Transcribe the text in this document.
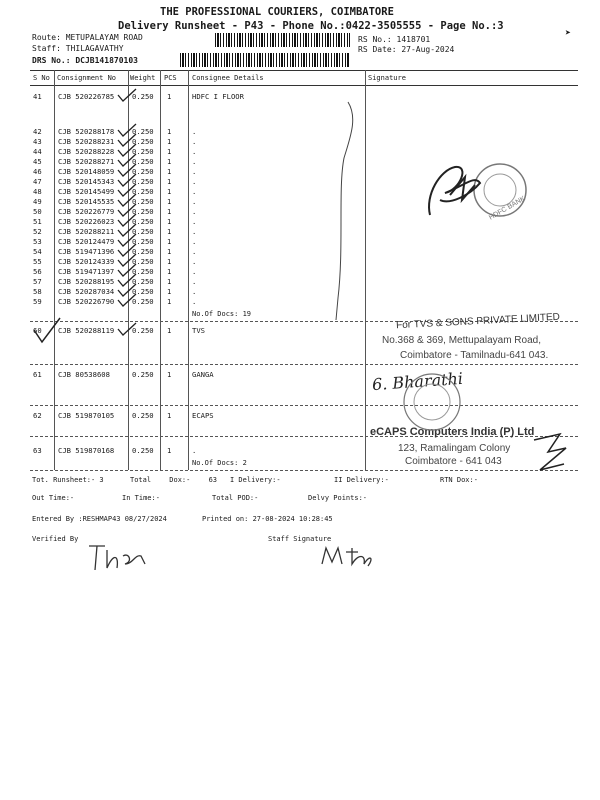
THE PROFESSIONAL COURIERS, COIMBATORE
Delivery Runsheet - P43 - Phone No.:0422-3505555 - Page No.:3
Route: METUPALAYAM ROAD
Staff: THILAGAVATHY
DRS No.: DCJB141870103
RS No.: 1418701
RS Date: 27-Aug-2024
➤
S No Consignment No Weight PCS Consignee Details	Signature
41 CJB 520226785 0.250 1	HDFC I FLOOR
42 CJB 520288178 0.250 1	.
43 CJB 520288231 0.250 1	.
44 CJB 520288228 0.250 1	.
45 CJB 520288271 0.250 1	.
46 CJB 520148059 0.250 1	.
47 CJB 520145343 0.250 1	.
48 CJB 520145499 0.250 1	.
49 CJB 520145535 0.250 1	.
50 CJB 520226779 0.250 1	.
51 CJB 520226023 0.250 1	.
52 CJB 520288211 0.250 1	.
53 CJB 520124479 0.250 1	.
54 CJB 519471396 0.250 1	.
55 CJB 520124339 0.250 1	.
56 CJB 519471397 0.250 1	.
57 CJB 520288195 0.250 1	.
58 CJB 520287034 0.250 1	.
59 CJB 520226790 0.250 1	.
No.Of Docs: 19
60 CJB 520288119 0.250 1	TVS
61 CJB 80538608	0.250 1	GANGA
62 CJB 519870105 0.250 1	ECAPS
63 CJB 519870168 0.250 1	.
No.Of Docs: 2
Tot. Runsheet:- 3	Total Dox:- 63 I Delivery:-	II Delivery:-	RTN Dox:-
Out Time:-	In Time:-	Total POD:-	Delvy Points:-
Entered By :RESHMAP43 08/27/2024	Printed on: 27-08-2024 10:28:45
Verified By	Staff Signature
For TVS & SONS PRIVATE LIMITED
No.368 & 369, Mettupalayam Road,
Coimbatore - Tamilnadu-641 043.
6. Bharathi
eCAPS Computers India (P) Ltd
123, Ramalingam Colony
Coimbatore - 641 043
HDFC BANK
